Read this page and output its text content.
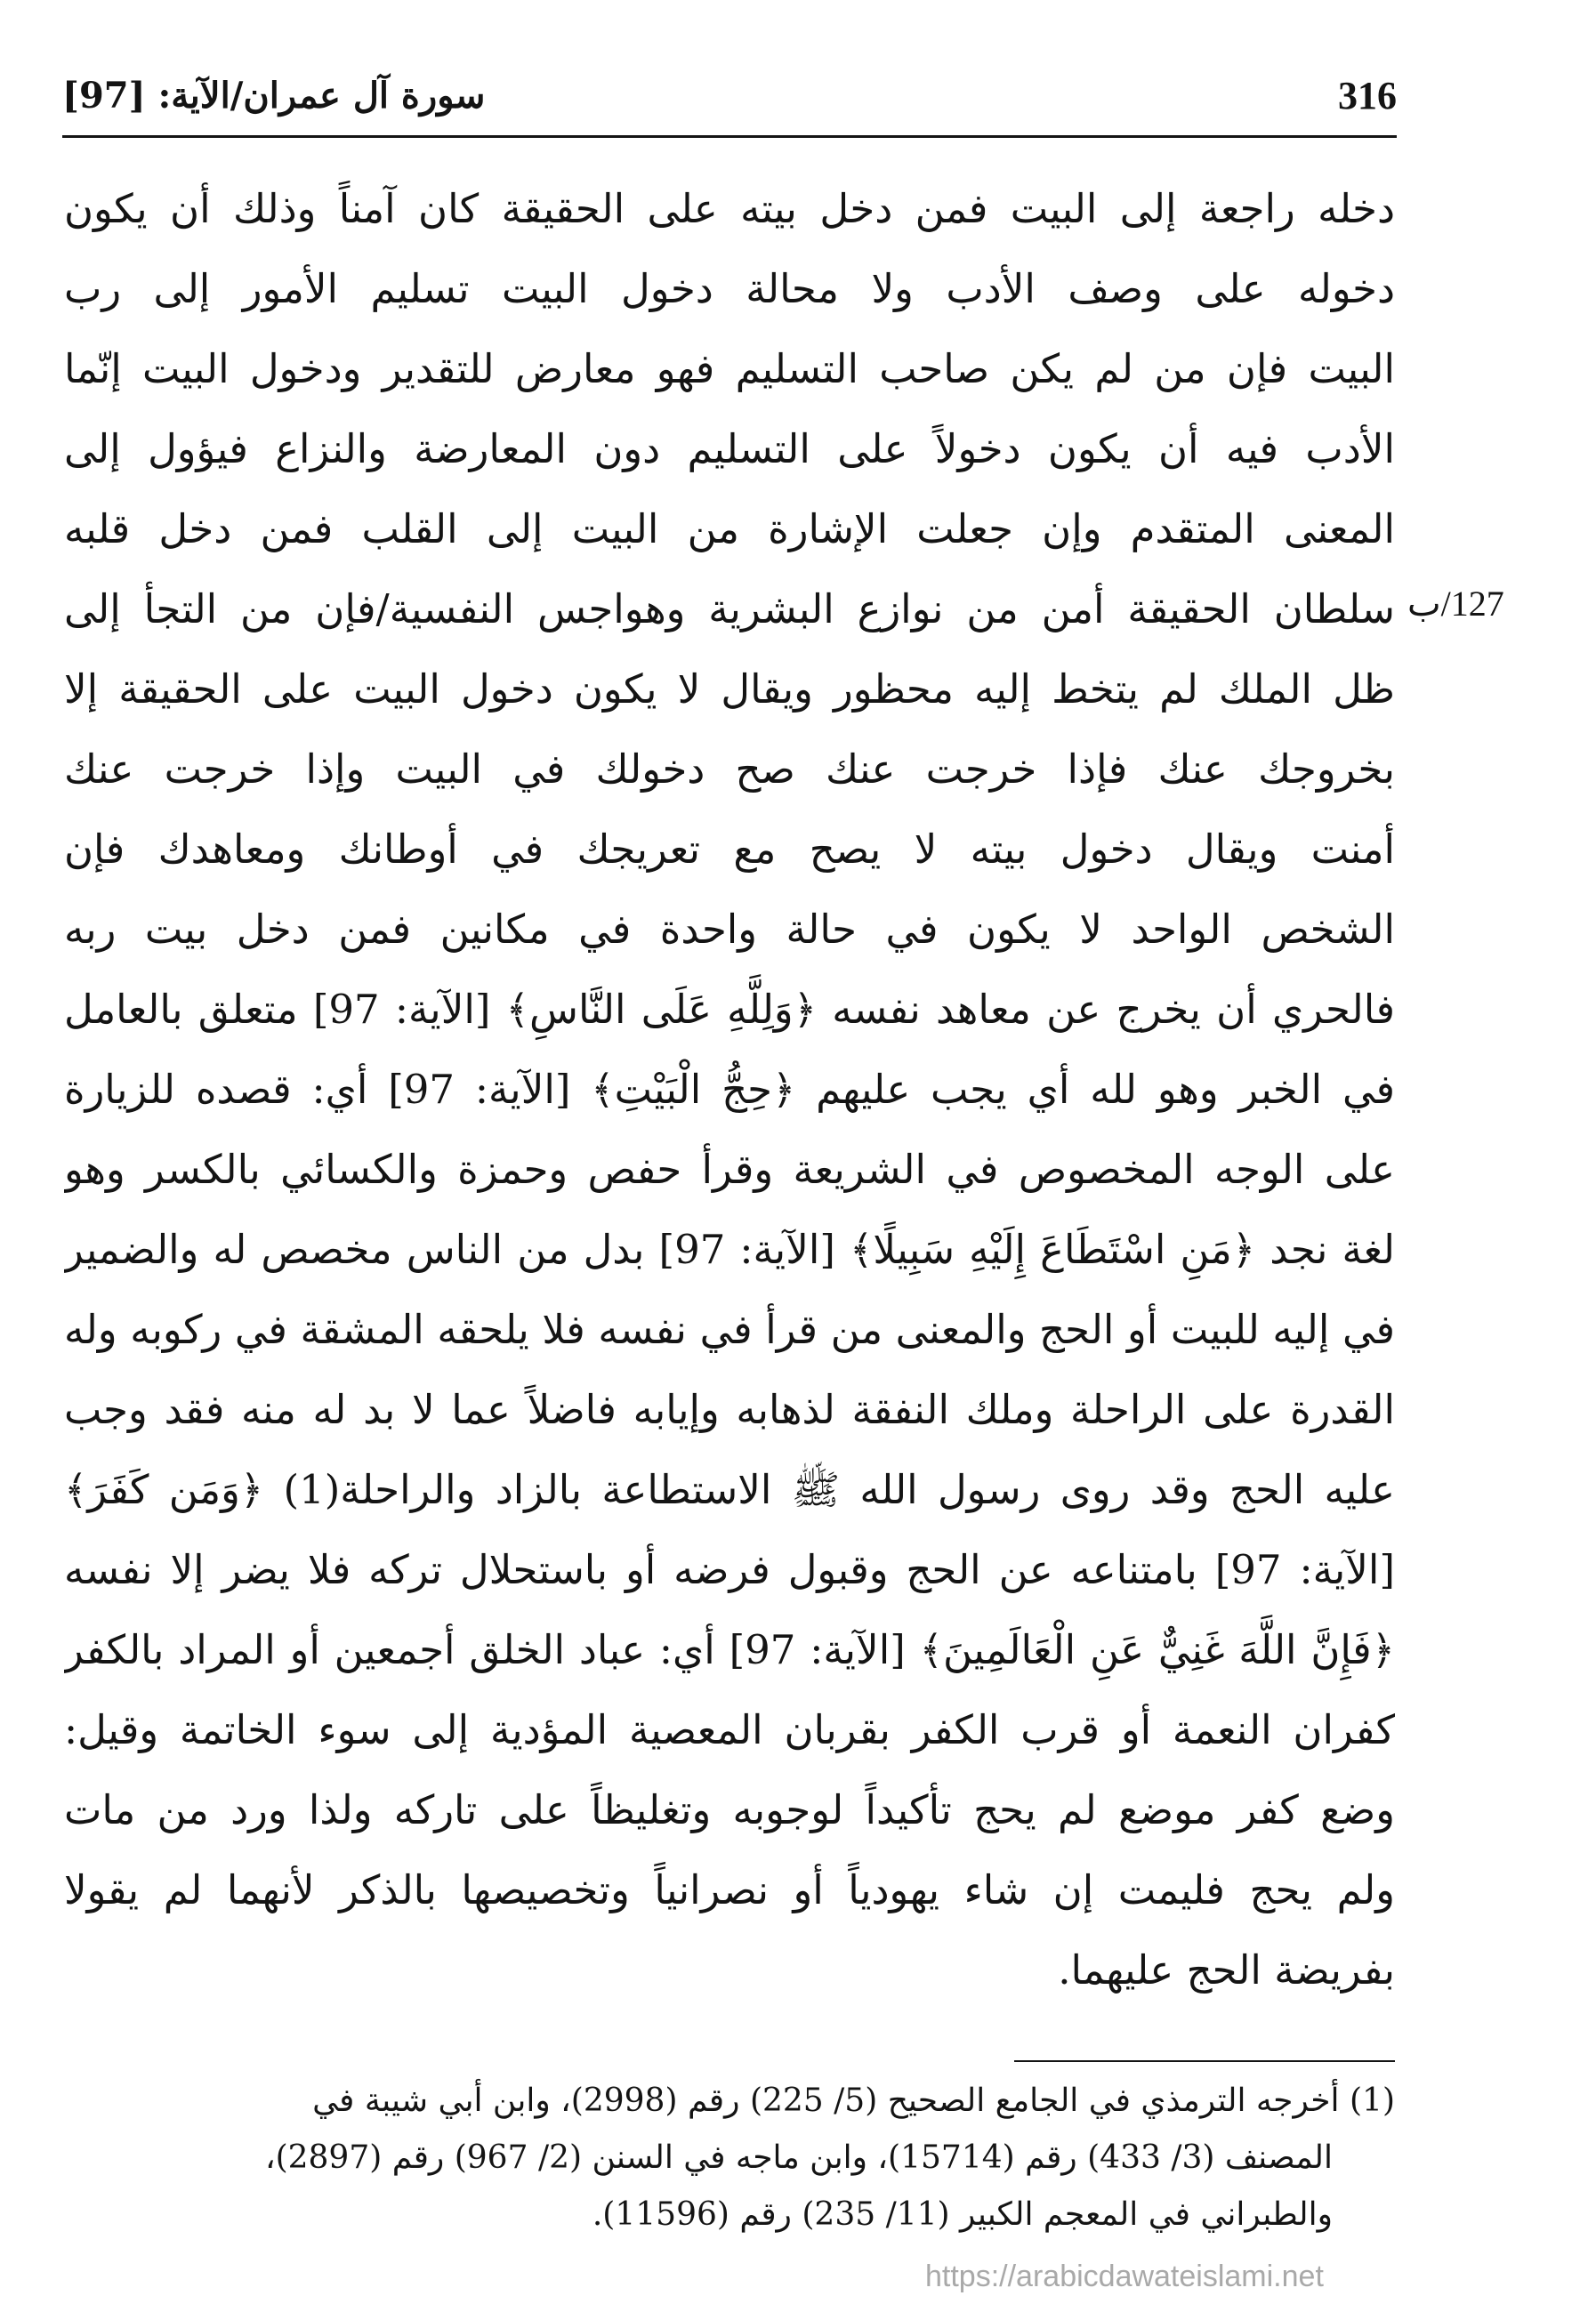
316
سورة آل عمران/الآية: [97]
127/ب
دخله راجعة إلى البيت فمن دخل بيته على الحقيقة كان آمناً وذلك أن يكون
دخوله على وصف الأدب ولا محالة دخول البيت تسليم الأمور إلى رب
البيت فإن من لم يكن صاحب التسليم فهو معارض للتقدير ودخول البيت إنّما
الأدب فيه أن يكون دخولاً على التسليم دون المعارضة والنزاع فيؤول إلى
المعنى المتقدم وإن جعلت الإشارة من البيت إلى القلب فمن دخل قلبه
سلطان الحقيقة أمن من نوازع البشرية وهواجس النفسية/فإن من التجأ إلى
ظل الملك لم يتخط إليه محظور ويقال لا يكون دخول البيت على الحقيقة إلا
بخروجك عنك فإذا خرجت عنك صح دخولك في البيت وإذا خرجت عنك
أمنت ويقال دخول بيته لا يصح مع تعريجك في أوطانك ومعاهدك فإن
الشخص الواحد لا يكون في حالة واحدة في مكانين فمن دخل بيت ربه
فالحري أن يخرج عن معاهد نفسه ﴿وَلِلَّهِ عَلَى النَّاسِ﴾ [الآية: 97] متعلق بالعامل
في الخبر وهو لله أي يجب عليهم ﴿حِجُّ الْبَيْتِ﴾ [الآية: 97] أي: قصده للزيارة
على الوجه المخصوص في الشريعة وقرأ حفص وحمزة والكسائي بالكسر وهو
لغة نجد ﴿مَنِ اسْتَطَاعَ إِلَيْهِ سَبِيلًا﴾ [الآية: 97] بدل من الناس مخصص له والضمير
في إليه للبيت أو الحج والمعنى من قرأ في نفسه فلا يلحقه المشقة في ركوبه وله
القدرة على الراحلة وملك النفقة لذهابه وإيابه فاضلاً عما لا بد له منه فقد وجب
عليه الحج وقد روى رسول الله ﷺ الاستطاعة بالزاد والراحلة(1) ﴿وَمَن كَفَرَ﴾
[الآية: 97] بامتناعه عن الحج وقبول فرضه أو باستحلال تركه فلا يضر إلا نفسه
﴿فَإِنَّ اللَّهَ غَنِيٌّ عَنِ الْعَالَمِينَ﴾ [الآية: 97] أي: عباد الخلق أجمعين أو المراد بالكفر
كفران النعمة أو قرب الكفر بقربان المعصية المؤدية إلى سوء الخاتمة وقيل:
وضع كفر موضع لم يحج تأكيداً لوجوبه وتغليظاً على تاركه ولذا ورد من مات
ولم يحج فليمت إن شاء يهودياً أو نصرانياً وتخصيصها بالذكر لأنهما لم يقولا
بفريضة الحج عليهما.
(1) أخرجه الترمذي في الجامع الصحيح (5/ 225) رقم (2998)، وابن أبي شيبة في
المصنف (3/ 433) رقم (15714)، وابن ماجه في السنن (2/ 967) رقم (2897)،
والطبراني في المعجم الكبير (11/ 235) رقم (11596).
https://arabicdawateislami.net
